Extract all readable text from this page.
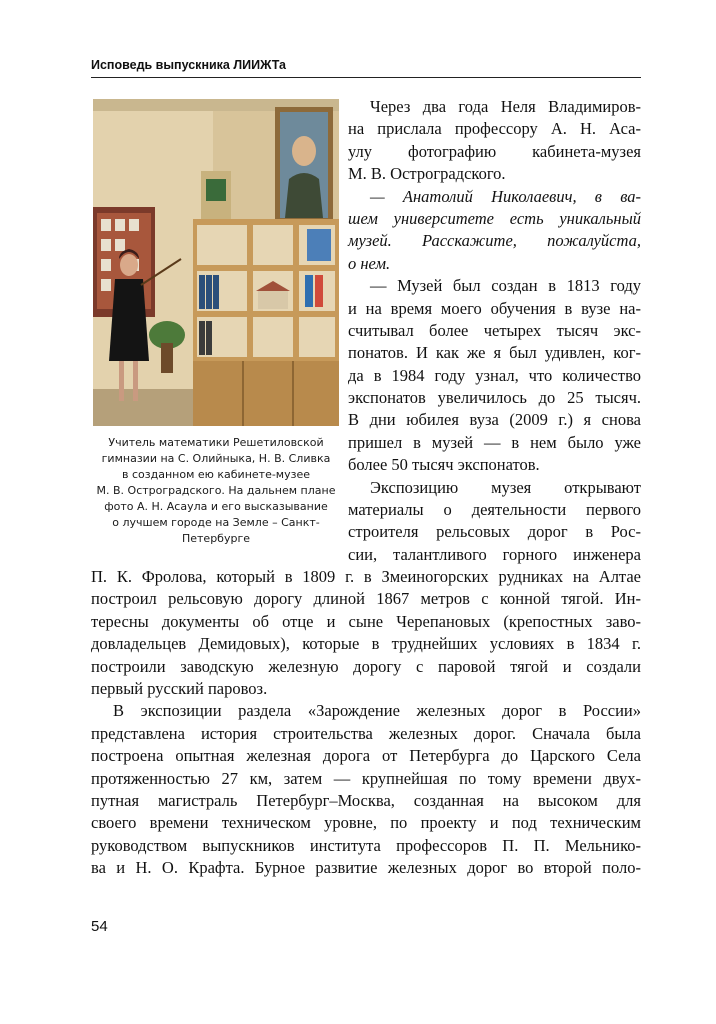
Исповедь выпускника ЛИИЖТа
Учитель математики Решетиловской
гимназии на С. Олийныка, Н. В. Сливка
в созданном ею кабинете-музее
М. В. Остроградского. На дальнем плане
фото А. Н. Асаула и его высказывание
о лучшем городе на Земле – Санкт-
Петербурге
Через два года Неля Владимиров-
на прислала профессору А. Н. Аса-
улу фотографию кабинета-музея
М. В. Остроградского.
— Анатолий Николаевич, в ва-
шем университете есть уникальный
музей. Расскажите, пожалуйста,
о нем.
— Музей был создан в 1813 году
и на время моего обучения в вузе на-
считывал более четырех тысяч экс-
понатов. И как же я был удивлен, ког-
да в 1984 году узнал, что количество
экспонатов увеличилось до 25 тысяч.
В дни юбилея вуза (2009 г.) я снова
пришел в музей — в нем было уже
более 50 тысяч экспонатов.
Экспозицию музея открывают
материалы о деятельности первого
строителя рельсовых дорог в Рос-
сии, талантливого горного инженера
П. К. Фролова, который в 1809 г. в Змеиногорских рудниках на Алтае
построил рельсовую дорогу длиной 1867 метров с конной тягой. Ин-
тересны документы об отце и сыне Черепановых (крепостных заво-
довладельцев Демидовых), которые в труднейших условиях в 1834 г.
построили заводскую железную дорогу с паровой тягой и создали
первый русский паровоз.
В экспозиции раздела «Зарождение железных дорог в России»
представлена история строительства железных дорог. Сначала была
построена опытная железная дорога от Петербурга до Царского Села
протяженностью 27 км, затем — крупнейшая по тому времени двух-
путная магистраль Петербург–Москва, созданная на высоком для
своего времени техническом уровне, по проекту и под техническим
руководством выпускников института профессоров П. П. Мельнико-
ва и Н. О. Крафта. Бурное развитие железных дорог во второй поло-
54
